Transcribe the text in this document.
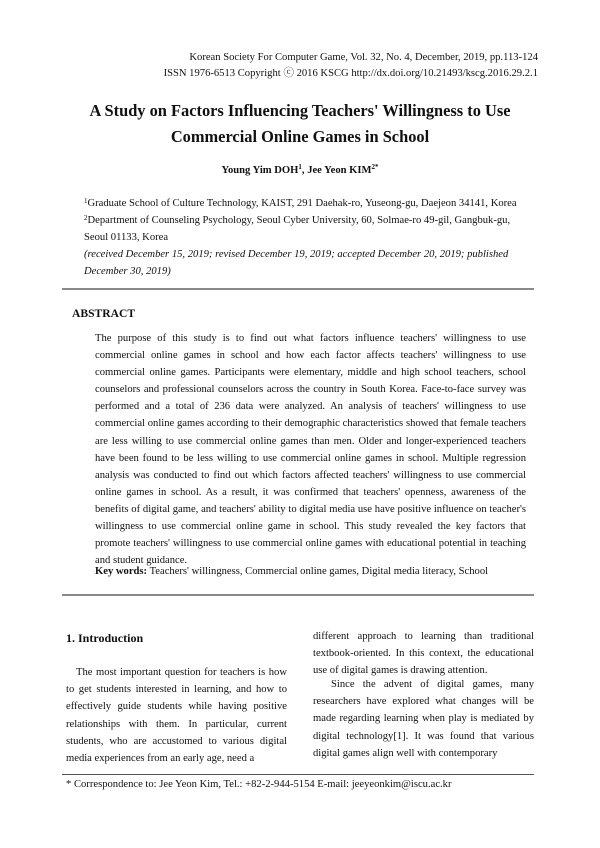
Korean Society For Computer Game, Vol. 32, No. 4, December, 2019, pp.113-124
ISSN 1976-6513 Copyright ⓒ 2016 KSCG http://dx.doi.org/10.21493/kscg.2016.29.2.1
A Study on Factors Influencing Teachers' Willingness to Use
Commercial Online Games in School
Young Yim DOH$^1$, Jee Yeon $KIM^{2*}$
$^1$Graduate School of Culture Technology, KAIST, 291 Daehak-ro, Yuseong-gu, Daejeon 34141, Korea
$^2$Department of Counseling Psychology, Seoul Cyber University, 60, Solmae-ro 49-gil, Gangbuk-gu,
Seoul 01133, Korea
(received December 15, 2019; revised December 19, 2019; accepted December 20, 2019; published
December 30, 2019)
ABSTRACT
The purpose of this study is to find out what factors influence teachers' willingness to use commercial online games in school and how each factor affects teachers' willingness to use commercial online games. Participants were elementary, middle and high school teachers, school counselors and professional counselors across the country in South Korea. Face-to-face survey was performed and a total of 236 data were analyzed. An analysis of teachers' willingness to use commercial online games according to their demographic characteristics showed that female teachers are less willing to use commercial online games than men. Older and longer-experienced teachers have been found to be less willing to use commercial online games in school. Multiple regression analysis was conducted to find out which factors affected teachers' willingness to use commercial online games in school. As a result, it was confirmed that teachers' openness, awareness of the benefits of digital game, and teachers' ability to digital media use have positive influence on teacher's willingness to use commercial online game in school. This study revealed the key factors that promote teachers' willingness to use commercial online games with educational potential in teaching and student guidance.
Key words: Teachers' willingness, Commercial online games, Digital media literacy, School
1. Introduction
The most important question for teachers is how to get students interested in learning, and how to effectively guide students while having positive relationships with them. In particular, current students, who are accustomed to various digital media experiences from an early age, need a
different approach to learning than traditional textbook-oriented. In this context, the educational use of digital games is drawing attention.
Since the advent of digital games, many researchers have explored what changes will be made regarding learning when play is mediated by digital technology[1]. It was found that various digital games align well with contemporary
* Correspondence to: Jee Yeon Kim, Tel.: +82-2-944-5154 E-mail: jeeyeonkim@iscu.ac.kr
